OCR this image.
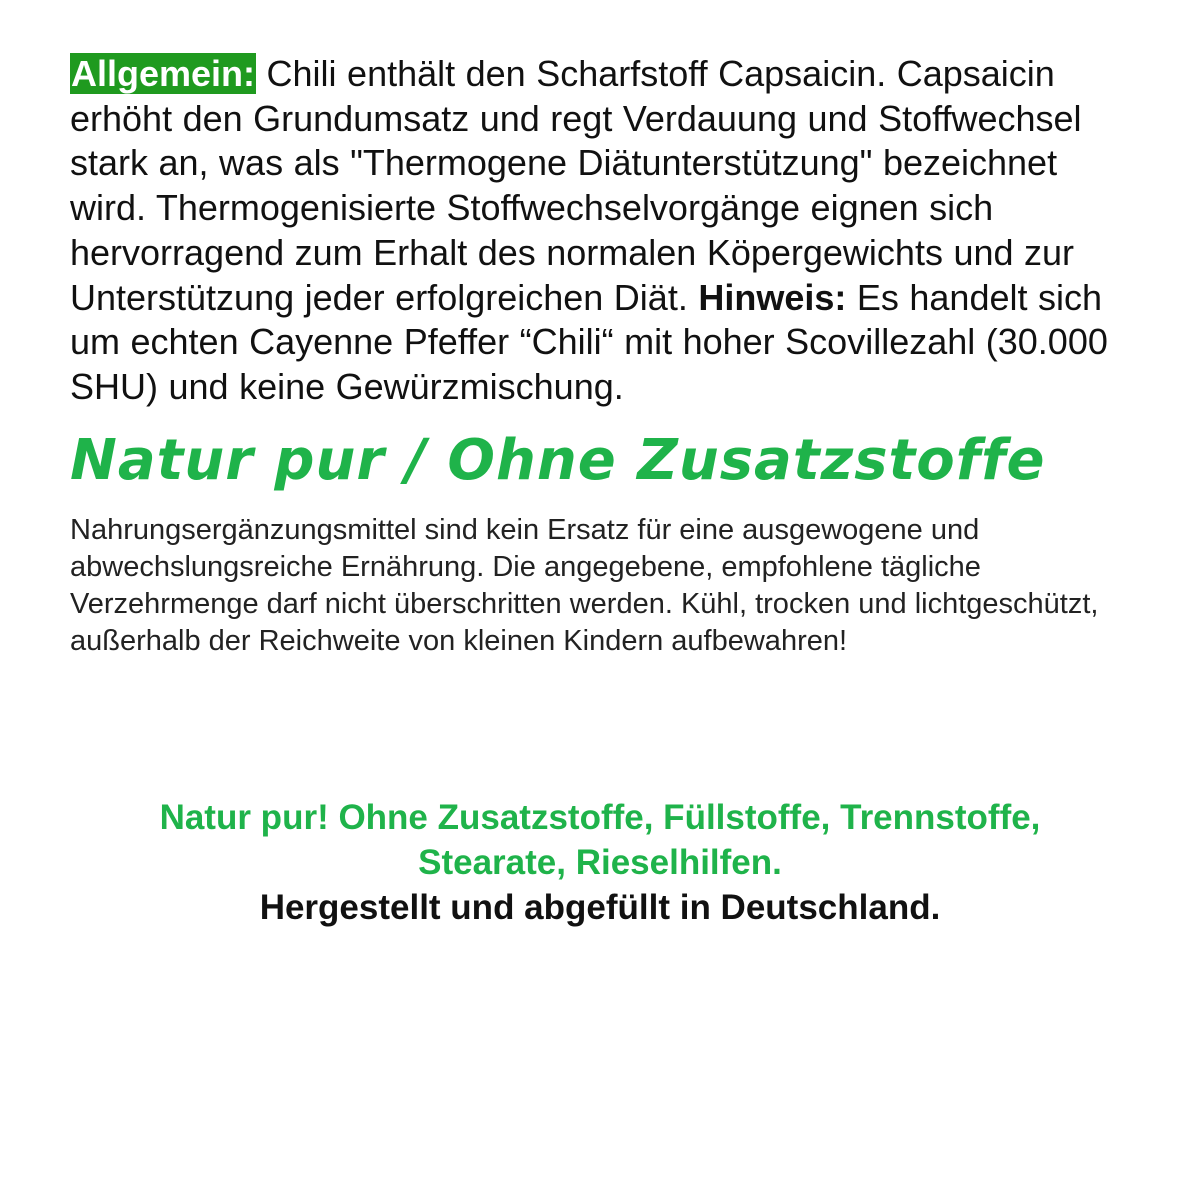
Allgemein: Chili enthält den Scharfstoff Capsaicin. Capsaicin erhöht den Grundumsatz und regt Verdauung und Stoffwechsel stark an, was als "Thermogene Diätunterstützung" bezeichnet wird. Thermogenisierte Stoffwechselvorgänge eignen sich hervorragend zum Erhalt des normalen Köpergewichts und zur Unterstützung jeder erfolgreichen Diät. Hinweis: Es handelt sich um echten Cayenne Pfeffer “Chili“ mit hoher Scovillezahl (30.000 SHU) und keine Gewürzmischung.

Natur pur / Ohne Zusatzstoffe

Nahrungsergänzungsmittel sind kein Ersatz für eine ausgewogene und abwechslungsreiche Ernährung. Die angegebene, empfohlene tägliche Verzehrmenge darf nicht überschritten werden. Kühl, trocken und lichtgeschützt, außerhalb der Reichweite von kleinen Kindern aufbewahren!

Natur pur! Ohne Zusatzstoffe, Füllstoffe, Trennstoffe,
Stearate, Rieselhilfen.
Hergestellt und abgefüllt in Deutschland.
